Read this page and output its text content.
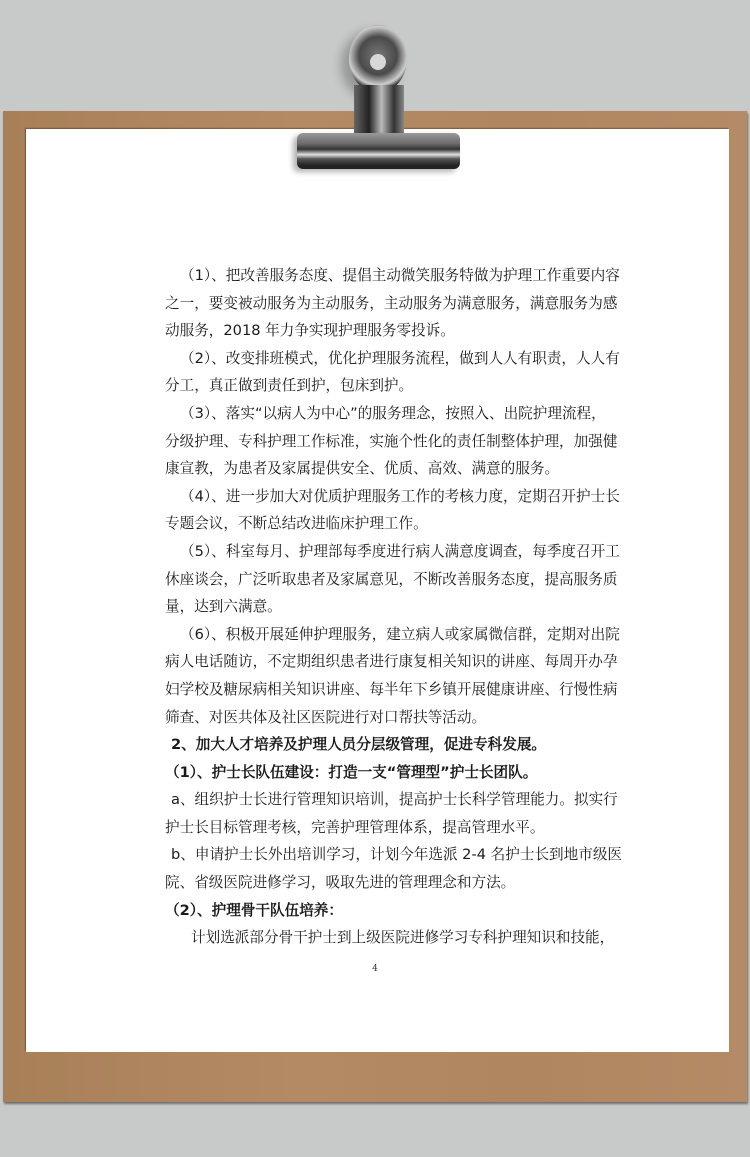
（1）、把改善服务态度、提倡主动微笑服务特做为护理工作重要内容
之一，要变被动服务为主动服务，主动服务为满意服务，满意服务为感
动服务，2018 年力争实现护理服务零投诉。
（2）、改变排班模式，优化护理服务流程，做到人人有职责，人人有
分工，真正做到责任到护，包床到护。
（3）、落实“以病人为中心”的服务理念，按照入、出院护理流程，
分级护理、专科护理工作标准，实施个性化的责任制整体护理，加强健
康宣教，为患者及家属提供安全、优质、高效、满意的服务。
（4）、进一步加大对优质护理服务工作的考核力度，定期召开护士长
专题会议，不断总结改进临床护理工作。
（5）、科室每月、护理部每季度进行病人满意度调查，每季度召开工
休座谈会，广泛听取患者及家属意见，不断改善服务态度，提高服务质
量，达到六满意。
（6）、积极开展延伸护理服务，建立病人或家属微信群，定期对出院
病人电话随访，不定期组织患者进行康复相关知识的讲座、每周开办孕
妇学校及糖尿病相关知识讲座、每半年下乡镇开展健康讲座、行慢性病
筛查、对医共体及社区医院进行对口帮扶等活动。
2、加大人才培养及护理人员分层级管理，促进专科发展。
（1）、护士长队伍建设：打造一支“管理型”护士长团队。
a、组织护士长进行管理知识培训，提高护士长科学管理能力。拟实行
护士长目标管理考核，完善护理管理体系，提高管理水平。
b、申请护士长外出培训学习，计划今年选派 2-4 名护士长到地市级医
院、省级医院进修学习，吸取先进的管理理念和方法。
（2）、护理骨干队伍培养：
计划选派部分骨干护士到上级医院进修学习专科护理知识和技能，
4
